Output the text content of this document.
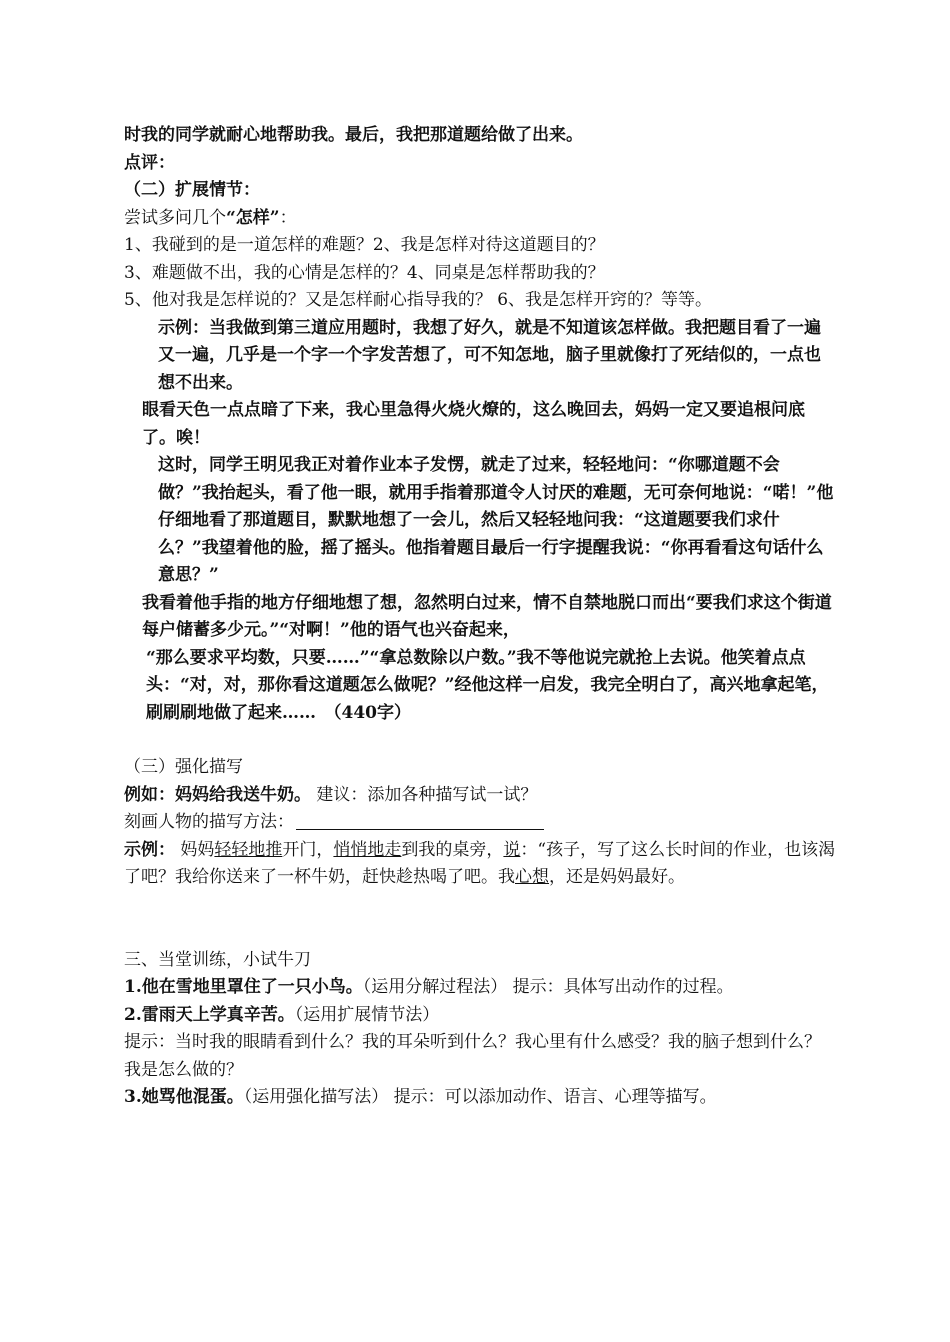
时我的同学就耐心地帮助我。最后，我把那道题给做了出来。
点评：
（二）扩展情节：
尝试多问几个“怎样”：
1、我碰到的是一道怎样的难题？2、我是怎样对待这道题目的？
3、难题做不出，我的心情是怎样的？4、同桌是怎样帮助我的？
5、他对我是怎样说的？又是怎样耐心指导我的？ 6、我是怎样开窍的？等等。
示例：当我做到第三道应用题时，我想了好久，就是不知道该怎样做。我把题目看了一遍又一遍，几乎是一个字一个字发苦想了，可不知怎地，脑子里就像打了死结似的，一点也想不出来。
眼看天色一点点暗了下来，我心里急得火烧火燎的，这么晚回去，妈妈一定又要追根问底了。唉！
这时，同学王明见我正对着作业本子发愣，就走了过来，轻轻地问：“你哪道题不会做？”我抬起头，看了他一眼，就用手指着那道令人讨厌的难题，无可奈何地说：“喏！”他仔细地看了那道题目，默默地想了一会儿，然后又轻轻地问我：“这道题要我们求什么？”我望着他的脸，摇了摇头。他指着题目最后一行字提醒我说：“你再看看这句话什么意思？”
我看着他手指的地方仔细地想了想，忽然明白过来，情不自禁地脱口而出“要我们求这个街道每户储蓄多少元。”“对啊！”他的语气也兴奋起来，
“那么要求平均数，只要……”“拿总数除以户数。”我不等他说完就抢上去说。他笑着点点头：“对，对，那你看这道题怎么做呢？”经他这样一启发，我完全明白了，高兴地拿起笔，刷刷刷地做了起来……　（440字）
（三）强化描写
例如：妈妈给我送牛奶。 建议：添加各种描写试一试？
刻画人物的描写方法：
示例： 妈妈轻轻地推开门，悄悄地走到我的桌旁，说：“孩子，写了这么长时间的作业，也该渴了吧？我给你送来了一杯牛奶，赶快趁热喝了吧。我心想，还是妈妈最好。
三、当堂训练，小试牛刀
1.他在雪地里罩住了一只小鸟。（运用分解过程法） 提示：具体写出动作的过程。
2.雷雨天上学真辛苦。（运用扩展情节法）
提示：当时我的眼睛看到什么？我的耳朵听到什么？我心里有什么感受？我的脑子想到什么？我是怎么做的？
3.她骂他混蛋。（运用强化描写法） 提示：可以添加动作、语言、心理等描写。
